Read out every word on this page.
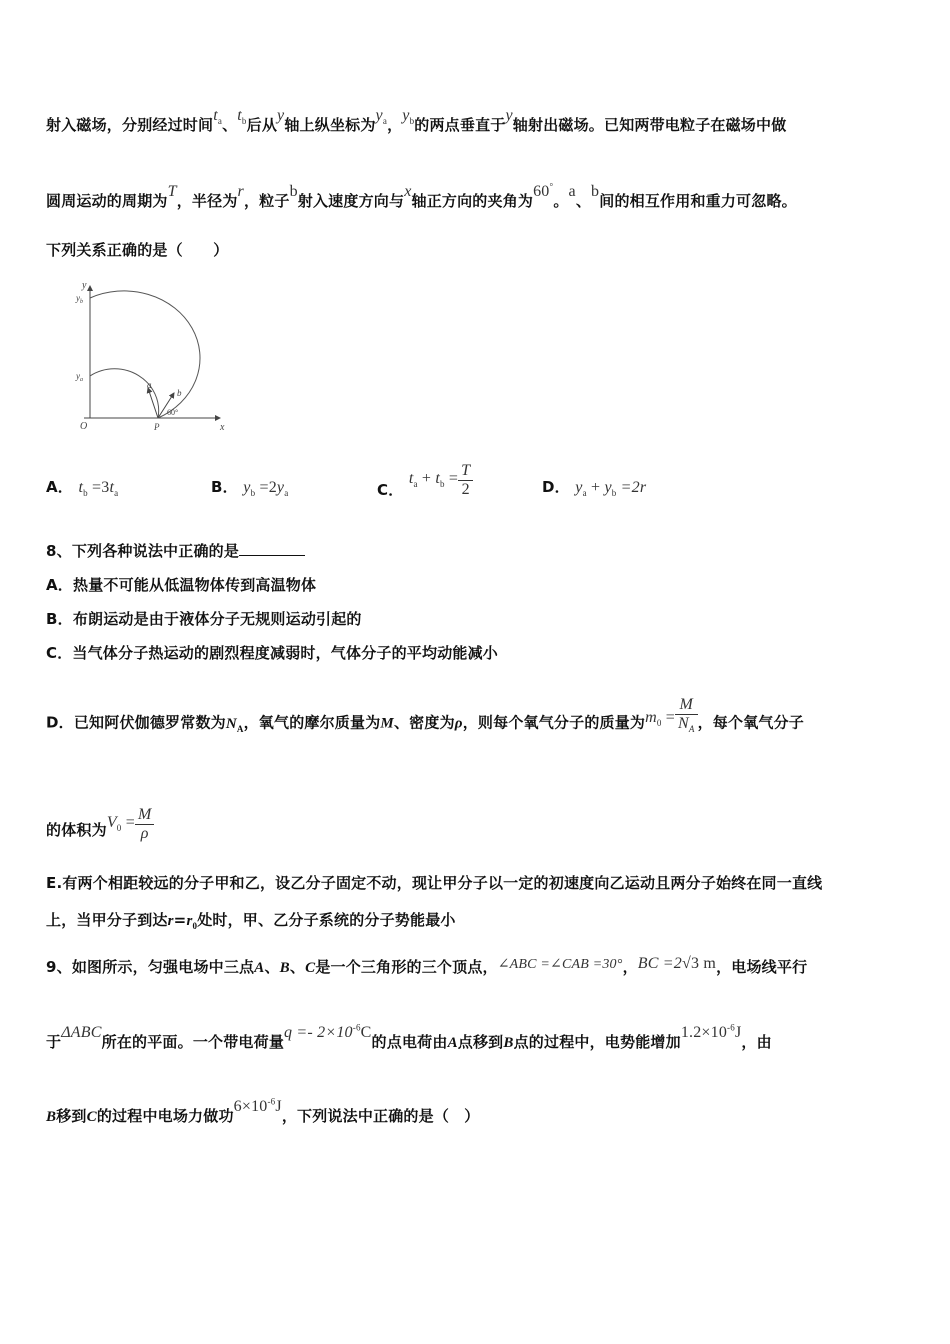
射入磁场，分别经过时间$t_a$、$t_b$后从y轴上纵坐标为$y_a$，$y_b$的两点垂直于y轴射出磁场。已知两带电粒子在磁场中做
圆周运动的周期为T，半径为r，粒子b射入速度方向与x轴正方向的夹角为60°。a、b间的相互作用和重力可忽略。
下列关系正确的是（　　）
y
x
O
$y_b$
$y_a$
P
a
b
60°
A． $t_b =3t_a$	B． $y_b =2y_a$	C． $t_a + t_b = \frac{T}{2}$	D． $y_a + y_b =2r$
8、下列各种说法中正确的是
A．热量不可能从低温物体传到高温物体
B．布朗运动是由于液体分子无规则运动引起的
C．当气体分子热运动的剧烈程度减弱时，气体分子的平均动能减小
D．已知阿伏伽德罗常数为$N_A$，氧气的摩尔质量为M、密度为ρ，则每个氧气分子的质量为$m_0 = \frac{M}{N_A}$ ，每个氧气分子
的体积为$V_0 = \frac{M}{\rho}$
E.有两个相距较远的分子甲和乙，设乙分子固定不动，现让甲分子以一定的初速度向乙运动且两分子始终在同一直线
上，当甲分子到达$r=r_0$处时，甲、乙分子系统的分子势能最小
9、如图所示，匀强电场中三点A、B、C是一个三角形的三个顶点，∠ABC =∠CAB =30°，BC =2√3 m，电场线平行
于ΔABC所在的平面。一个带电荷量$q =- 2\times 10^{-6}C$的点电荷由A点移到B点的过程中，电势能增加$1.2\times 10^{-6}J$，由
B移到C的过程中电场力做功$6\times 10^{-6}J$，下列说法中正确的是（　）
